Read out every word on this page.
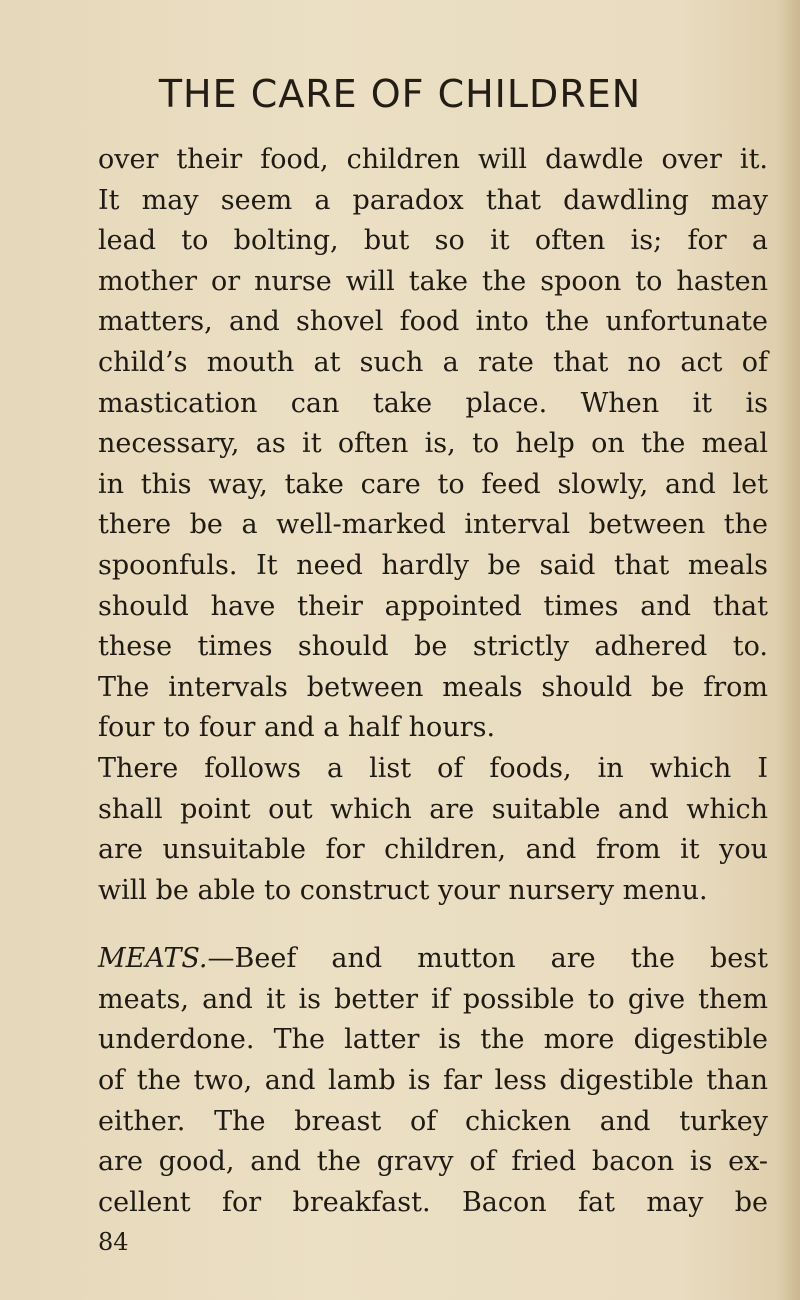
THE CARE OF CHILDREN
over their food, children will dawdle over it.
It may seem a paradox that dawdling may
lead to bolting, but so it often is; for a
mother or nurse will take the spoon to hasten
matters, and shovel food into the unfortunate
child’s mouth at such a rate that no act of
mastication can take place. When it is
necessary, as it often is, to help on the meal
in this way, take care to feed slowly, and let
there be a well-marked interval between the
spoonfuls. It need hardly be said that meals
should have their appointed times and that
these times should be strictly adhered to.
The intervals between meals should be from
four to four and a half hours.
There follows a list of foods, in which I
shall point out which are suitable and which
are unsuitable for children, and from it you
will be able to construct your nursery menu.
MEATS.—Beef and mutton are the best
meats, and it is better if possible to give them
underdone. The latter is the more digestible
of the two, and lamb is far less digestible than
either. The breast of chicken and turkey
are good, and the gravy of fried bacon is ex-
cellent for breakfast. Bacon fat may be
84
